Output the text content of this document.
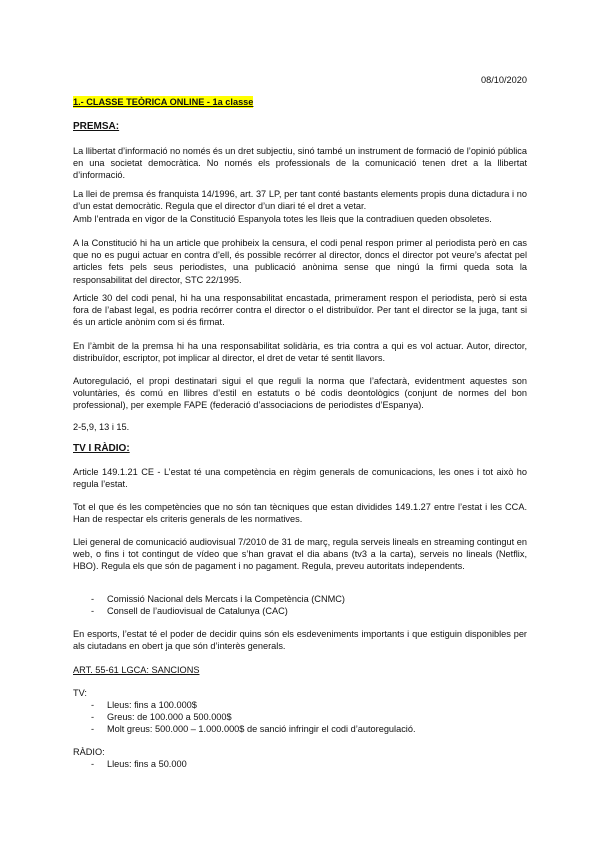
08/10/2020
1.- CLASSE TEÒRICA ONLINE - 1a classe
PREMSA:

La llibertat d’informació no només és un dret subjectiu, sinó també un instrument de formació de l’opinió pública en una societat democràtica. No només els professionals de la comunicació tenen dret a la llibertat d’informació.

La llei de premsa és franquista 14/1996, art. 37 LP, per tant conté bastants elements propis duna dictadura i no d’un estat democràtic. Regula que el director d’un diari té el dret a vetar.

Amb l’entrada en vigor de la Constitució Espanyola totes les lleis que la contradiuen queden obsoletes.

A la Constitució hi ha un article que prohibeix la censura, el codi penal respon primer al periodista però en cas que no es pugui actuar en contra d’ell, és possible recórrer al director, doncs el director pot veure’s afectat pel articles fets pels seus periodistes, una publicació anònima sense que ningú la firmi queda sota la responsabilitat del director, STC 22/1995.

Article 30 del codi penal, hi ha una responsabilitat encastada, primerament respon el periodista, però si esta fora de l’abast legal, es podria recórrer contra el director o el distribuïdor. Per tant el director se la juga, tant si és un article anònim com si és firmat.

En l’àmbit de la premsa hi ha una responsabilitat solidària, es tria contra a qui es vol actuar. Autor, director, distribuïdor, escriptor, pot implicar al director, el dret de vetar té sentit llavors.

Autoregulació, el propi destinatari sigui el que reguli la norma que l’afectarà, evidentment aquestes son voluntàries, és comú en llibres d’estil en estatuts o bé codis deontològics (conjunt de normes del bon professional), per exemple FAPE (federació d’associacions de periodistes d’Espanya).

2-5,9, 13 i 15.

TV I RÀDIO:

Article 149.1.21 CE - L’estat té una competència en règim generals de comunicacions, les ones i tot això ho regula l’estat.

Tot el que és les competències que no són tan tècniques que estan dividides 149.1.27 entre l’estat i les CCA. Han de respectar els criteris generals de les normatives.

Llei general de comunicació audiovisual 7/2010 de 31 de març, regula serveis lineals en streaming contingut en web, o fins i tot contingut de vídeo que s’han gravat el dia abans (tv3 a la carta), serveis no lineals (Netflix, HBO). Regula els que són de pagament i no pagament. Regula, preveu autoritats independents.

- Comissió Nacional dels Mercats i la Competència (CNMC)
- Consell de l’audiovisual de Catalunya (CAC)

En esports, l’estat té el poder de decidir quins són els esdeveniments importants i que estiguin disponibles per als ciutadans en obert ja que són d’interès generals.

ART. 55-61 LGCA: SANCIONS
TV:
- Lleus: fins a 100.000$
- Greus: de 100.000 a 500.000$
- Molt greus: 500.000 – 1.000.000$ de sanció infringir el codi d’autoregulació.
RÀDIO:
- Lleus: fins a 50.000
